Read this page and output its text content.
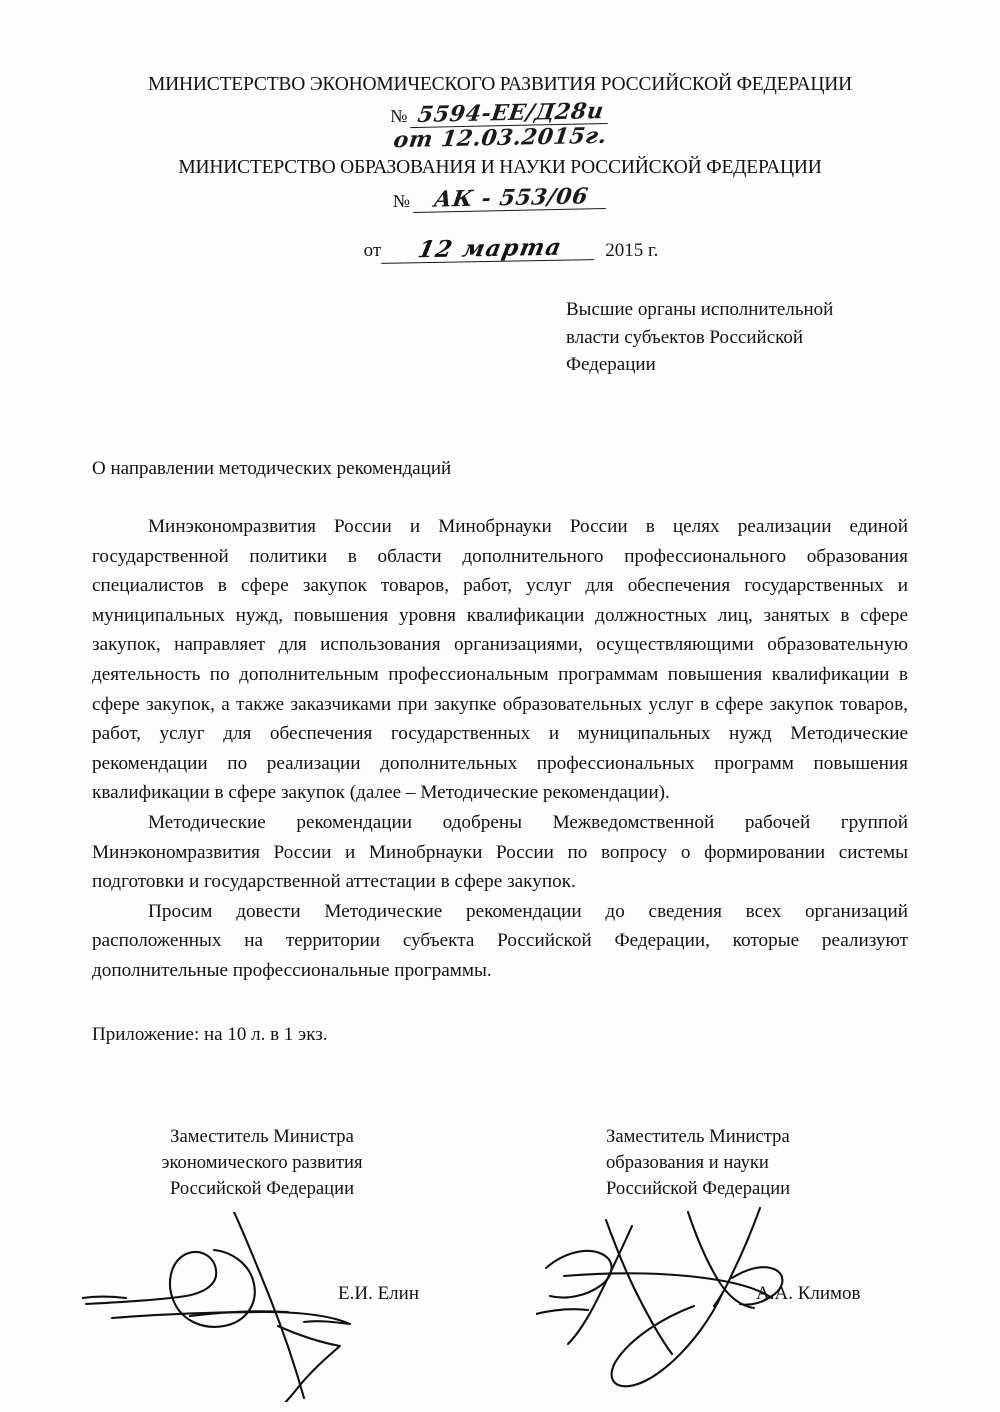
МИНИСТЕРСТВО ЭКОНОМИЧЕСКОГО РАЗВИТИЯ РОССИЙСКОЙ ФЕДЕРАЦИИ
№ 5594-ЕЕ/Д28и
от 12.03.2015г.
МИНИСТЕРСТВО ОБРАЗОВАНИЯ И НАУКИ РОССИЙСКОЙ ФЕДЕРАЦИИ
№	АК - 553/06
от	12 марта	2015 г.
Высшие органы исполнительной
власти субъектов Российской
Федерации
О направлении методических рекомендаций

Минэкономразвития России и Минобрнауки России в целях реализации единой государственной политики в области дополнительного профессионального образования специалистов в сфере закупок товаров, работ, услуг для обеспечения государственных и муниципальных нужд, повышения уровня квалификации должностных лиц, занятых в сфере закупок, направляет для использования организациями, осуществляющими образовательную деятельность по дополнительным профессиональным программам повышения квалификации в сфере закупок, а также заказчиками при закупке образовательных услуг в сфере закупок товаров, работ, услуг для обеспечения государственных и муниципальных нужд Методические рекомендации по реализации дополнительных профессиональных программ повышения квалификации в сфере закупок (далее – Методические рекомендации).

Методические рекомендации одобрены Межведомственной рабочей группой Минэкономразвития России и Минобрнауки России по вопросу о формировании системы подготовки и государственной аттестации в сфере закупок.

Просим довести Методические рекомендации до сведения всех организаций расположенных на территории субъекта Российской Федерации, которые реализуют дополнительные профессиональные программы.

Приложение: на 10 л. в 1 экз.
Заместитель Министра
экономического развития
Российской Федерации
Е.И. Елин
Заместитель Министра
образования и науки
Российской Федерации
А.А. Климов
